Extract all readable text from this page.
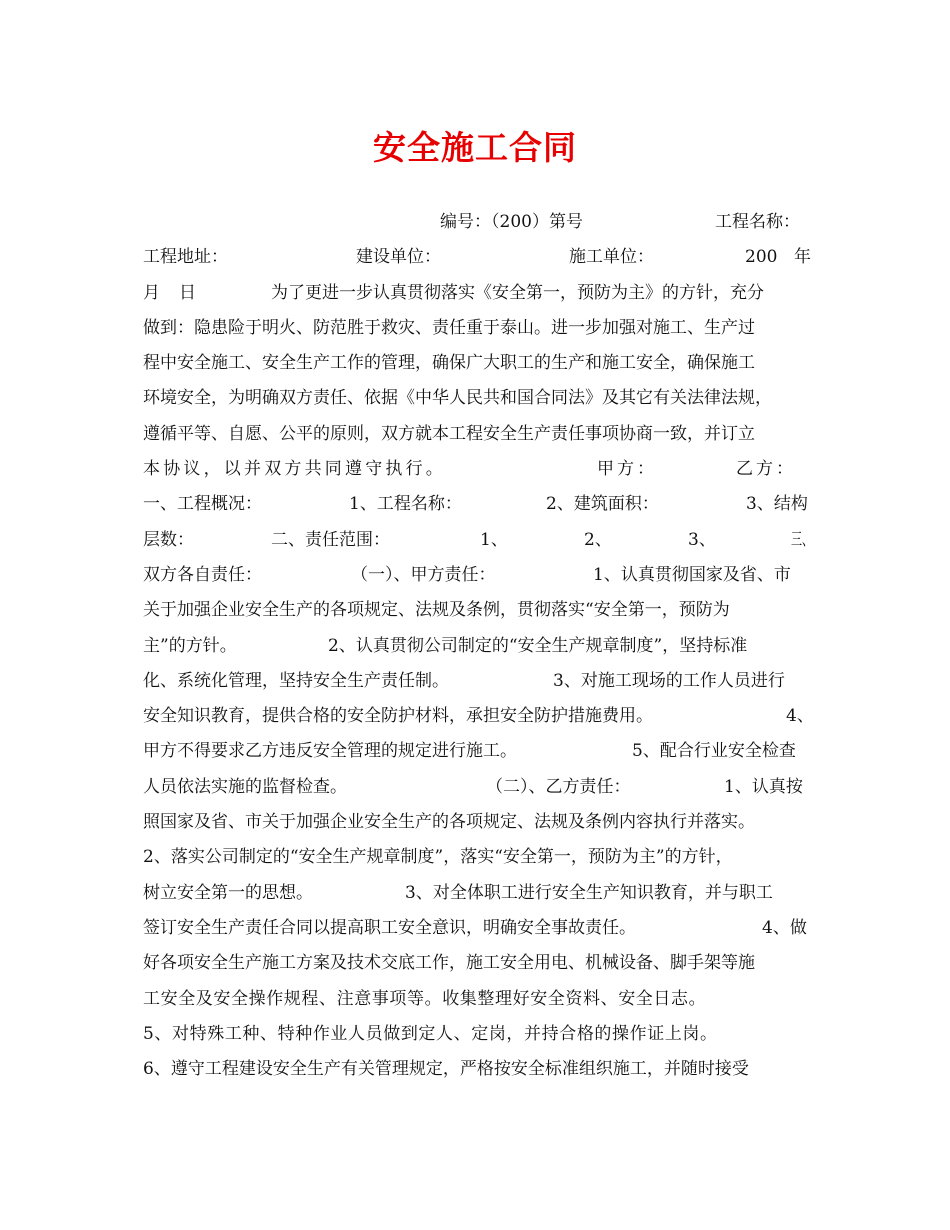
安全施工合同
编号：（200）第号	工程名称：
工程地址：	建设单位：	施工单位：	200 年
月 日	为了更进一步认真贯彻落实《安全第一，预防为主》的方针，充分
做到：隐患险于明火、防范胜于救灾、责任重于泰山。进一步加强对施工、生产过
程中安全施工、安全生产工作的管理，确保广大职工的生产和施工安全，确保施工
环境安全，为明确双方责任、依据《中华人民共和国合同法》及其它有关法律法规，
遵循平等、自愿、公平的原则，双方就本工程安全生产责任事项协商一致，并订立
本协议，以并双方共同遵守执行。	甲方：	乙方：
一、工程概况：	1、工程名称：	2、建筑面积：	3、结构
层数：	二、责任范围：	1、	2、	3、	三、
双方各自责任：	（一）、甲方责任：	1、认真贯彻国家及省、市
关于加强企业安全生产的各项规定、法规及条例，贯彻落实“安全第一，预防为
主”的方针。	2、认真贯彻公司制定的“安全生产规章制度”，坚持标准
化、系统化管理，坚持安全生产责任制。	3、对施工现场的工作人员进行
安全知识教育，提供合格的安全防护材料，承担安全防护措施费用。	4、
甲方不得要求乙方违反安全管理的规定进行施工。	5、配合行业安全检查
人员依法实施的监督检查。	（二）、乙方责任：	1、认真按
照国家及省、市关于加强企业安全生产的各项规定、法规及条例内容执行并落实。
2、落实公司制定的“安全生产规章制度”，落实“安全第一，预防为主”的方针，
树立安全第一的思想。	3、对全体职工进行安全生产知识教育，并与职工
签订安全生产责任合同以提高职工安全意识，明确安全事故责任。	4、做
好各项安全生产施工方案及技术交底工作，施工安全用电、机械设备、脚手架等施
工安全及安全操作规程、注意事项等。收集整理好安全资料、安全日志。
5、对特殊工种、特种作业人员做到定人、定岗，并持合格的操作证上岗。
6、遵守工程建设安全生产有关管理规定，严格按安全标准组织施工，并随时接受
